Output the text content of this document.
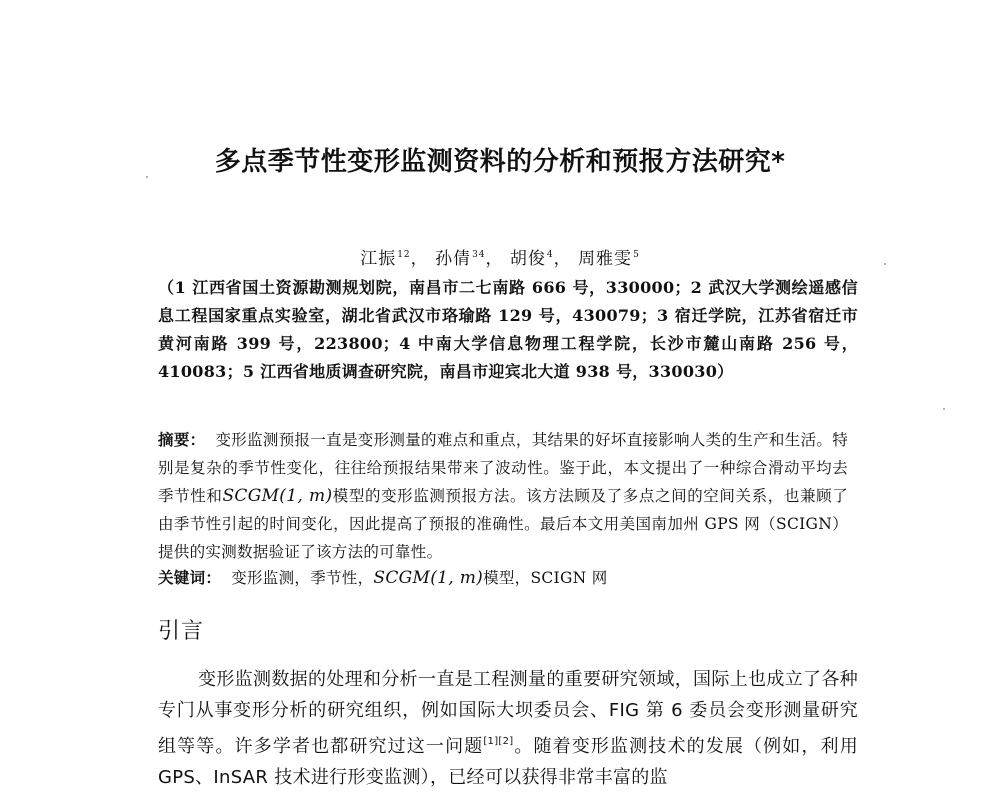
多点季节性变形监测资料的分析和预报方法研究*
江振$^{12}$， 孙倩$^{34}$， 胡俊$^4$， 周雅雯$^5$
（1 江西省国土资源勘测规划院，南昌市二七南路 666 号，330000；2 武汉大学测绘遥感信息工程国家重点实验室，湖北省武汉市珞瑜路 129 号，430079；3 宿迁学院，江苏省宿迁市黄河南路 399 号，223800；4 中南大学信息物理工程学院，长沙市麓山南路 256 号，410083；5 江西省地质调查研究院，南昌市迎宾北大道 938 号，330030）
摘要： 变形监测预报一直是变形测量的难点和重点，其结果的好坏直接影响人类的生产和生活。特别是复杂的季节性变化，往往给预报结果带来了波动性。鉴于此，本文提出了一种综合滑动平均去季节性和SCGM(1, m)模型的变形监测预报方法。该方法顾及了多点之间的空间关系，也兼顾了由季节性引起的时间变化，因此提高了预报的准确性。最后本文用美国南加州 GPS 网（SCIGN）提供的实测数据验证了该方法的可靠性。
关键词： 变形监测，季节性，SCGM(1, m)模型，SCIGN 网
引言
变形监测数据的处理和分析一直是工程测量的重要研究领域，国际上也成立了各种专门从事变形分析的研究组织，例如国际大坝委员会、FIG 第 6 委员会变形测量研究组等等。许多学者也都研究过这一问题[1][2]。随着变形监测技术的发展（例如，利用 GPS、InSAR 技术进行形变监测），已经可以获得非常丰富的监
